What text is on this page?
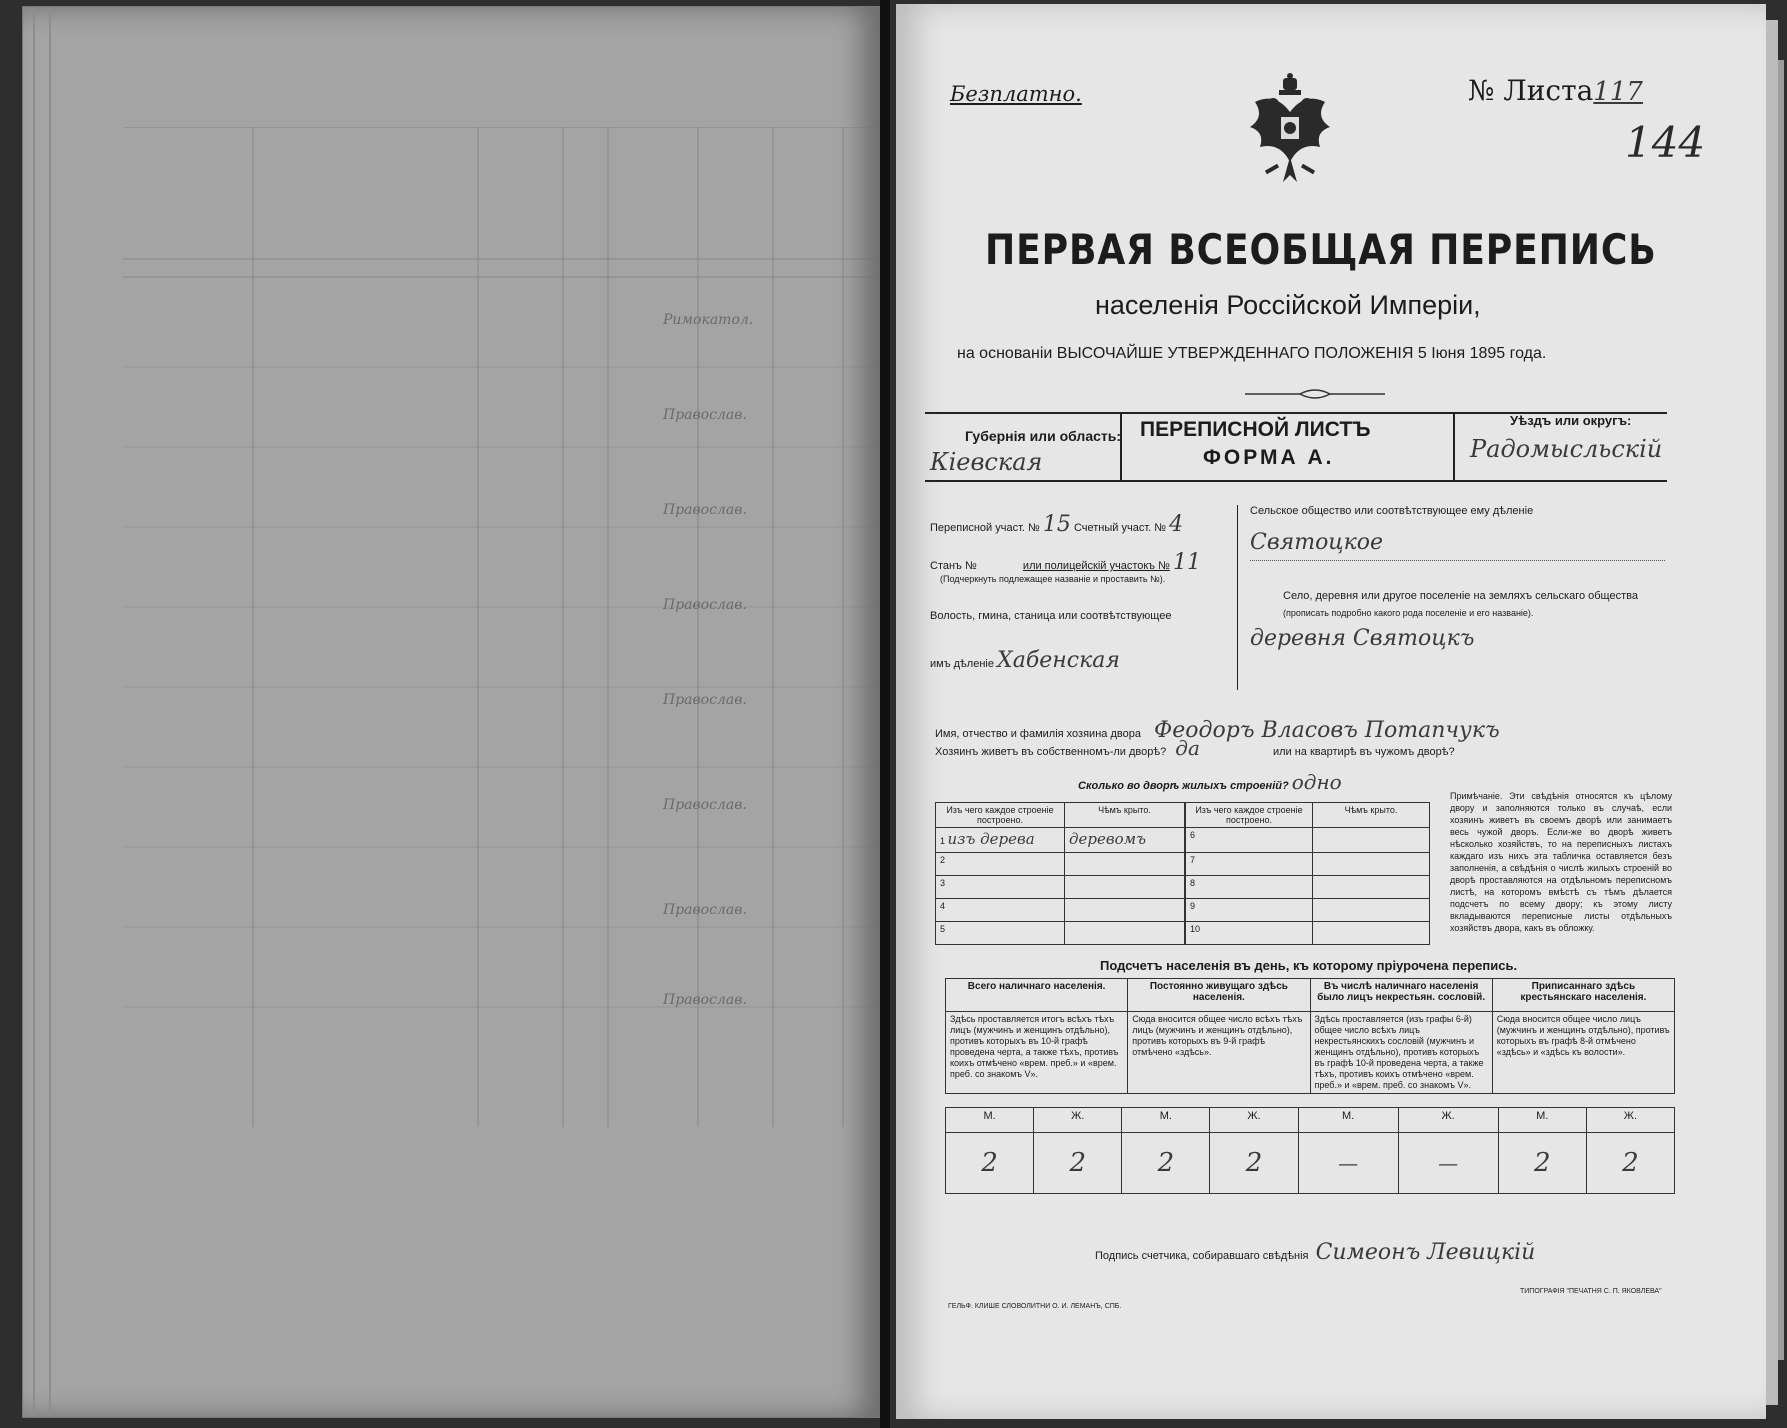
Римокатол.
Православ.
Православ.
Православ.
Православ.
Православ.
Православ.
Православ.
Безплатно.	№ Листа117
144
ПЕРВАЯ ВСЕОБЩАЯ ПЕРЕПИСЬ
населенія Россійской Имперіи,
на основаніи ВЫСОЧАЙШЕ УТВЕРЖДЕННАГО ПОЛОЖЕНІЯ 5 Іюня 1895 года.
Губернія или область:
Кіевская
ПЕРЕПИСНОЙ ЛИСТЪ
ФОРМА А.
Уѣздъ или округъ:
Радомысльскій
Переписной участ. № 15 Счетный участ. № 4
Станъ №	или полицейскій участокъ № 11
(Подчеркнуть подлежащее названіе и проставить №).
Волость, гмина, станица или соотвѣтствующее
имъ дѣленіе Хабенская
Сельское общество или соотвѣтствующее ему дѣленіе
Святоцкое
Село, деревня или другое поселеніе на земляхъ сельскаго общества
(прописать подробно какого рода поселеніе и его названіе).
деревня Святоцкъ
Имя, отчество и фамилія хозяина двора Феодоръ Власовъ Потапчукъ
Хозяинъ живетъ въ собственномъ-ли дворѣ? да	или на квартирѣ въ чужомъ дворѣ?
Сколько во дворѣ жилыхъ строеній? одно
Изъ чего каждое строеніе построено.	Чѣмъ крыто.
1 изъ дерева	деревомъ
2	
3	
4	
5	
Изъ чего каждое строеніе построено.	Чѣмъ крыто.
6	
7	
8	
9	
10	
Примѣчаніе. Эти свѣдѣнія относятся къ цѣлому двору и заполняются только въ случаѣ, если хозяинъ живетъ въ своемъ дворѣ или занимаетъ весь чужой дворъ. Если-же во дворѣ живетъ нѣсколько хозяйствъ, то на переписныхъ листахъ каждаго изъ нихъ эта табличка оставляется безъ заполненія, а свѣдѣнія о числѣ жилыхъ строеній во дворѣ проставляются на отдѣльномъ переписномъ листѣ, на которомъ вмѣстѣ съ тѣмъ дѣлается подсчетъ по всему двору; къ этому листу вкладываются переписные листы отдѣльныхъ хозяйствъ двора, какъ въ обложку.
Подсчетъ населенія въ день, къ которому пріурочена перепись.
Всего наличнаго населенія.	Постоянно живущаго здѣсь населенія.	Въ числѣ наличнаго населенія было лицъ некрестьян. сословій.	Приписаннаго здѣсь крестьянскаго населенія.
Здѣсь проставляется итогъ всѣхъ тѣхъ лицъ (мужчинъ и женщинъ отдѣльно), противъ которыхъ въ 10-й графѣ проведена черта, а также тѣхъ, противъ коихъ отмѣчено «врем. преб.» и «врем. преб. со знакомъ V».	Сюда вносится общее число всѣхъ тѣхъ лицъ (мужчинъ и женщинъ отдѣльно), противъ которыхъ въ 9-й графѣ отмѣчено «здѣсь».	Здѣсь проставляется (изъ графы 6-й) общее число всѣхъ лицъ некрестьянскихъ сословій (мужчинъ и женщинъ отдѣльно), противъ которыхъ въ графѣ 10-й проведена черта, а также тѣхъ, противъ коихъ отмѣчено «врем. преб.» и «врем. преб. со знакомъ V».	Сюда вносится общее число лицъ (мужчинъ и женщинъ отдѣльно), противъ которыхъ въ графѣ 8-й отмѣчено «здѣсь» и «здѣсь къ волости».
М.	Ж.	М.	Ж.	М.	Ж.	М.	Ж.
2	2	2	2	—	—	2	2
Подпись счетчика, собиравшаго свѣдѣнія Симеонъ Левицкій
ГЕЛЬФ. КЛИШЕ СЛОВОЛИТНИ О. И. ЛЕМАНЪ, СПБ.
ТИПОГРАФІЯ "ПЕЧАТНЯ С. П. ЯКОВЛЕВА"
